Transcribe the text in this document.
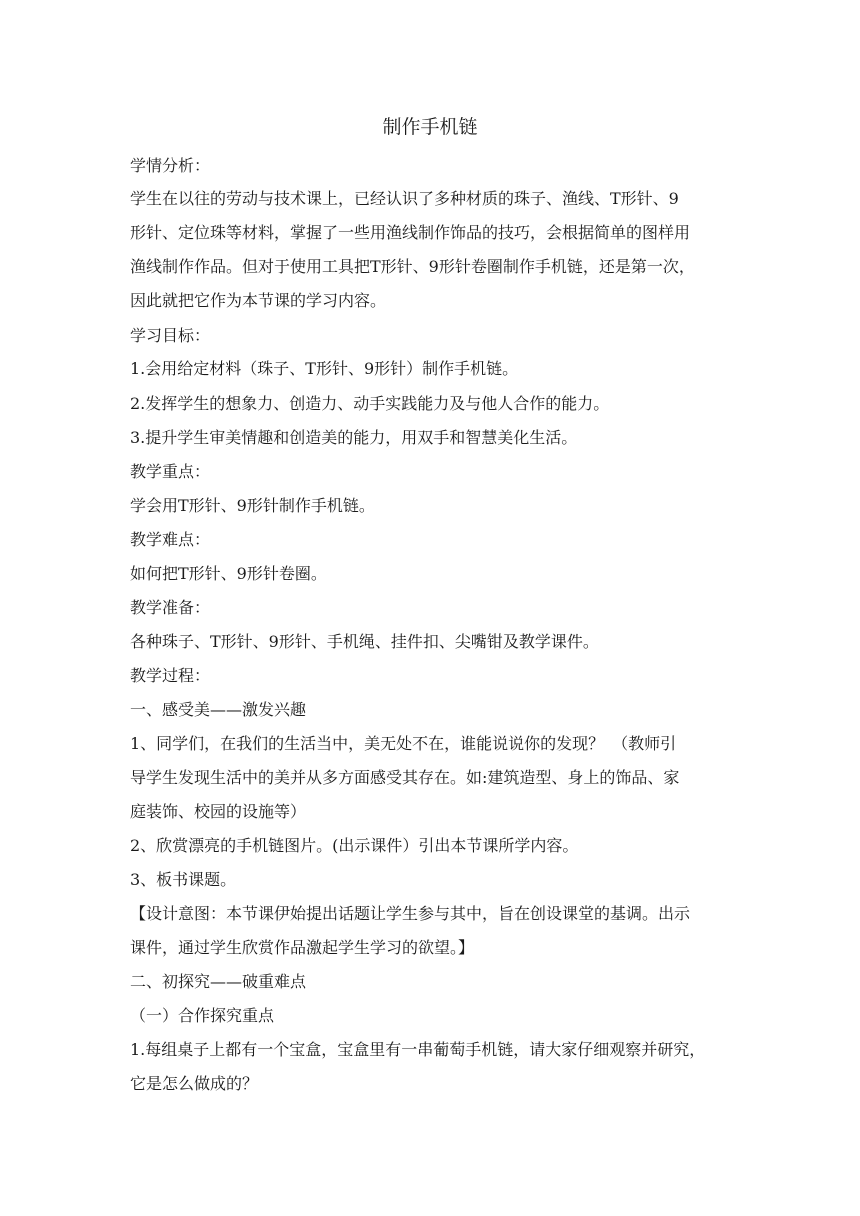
制作手机链
学情分析：
学生在以往的劳动与技术课上，已经认识了多种材质的珠子、渔线、T形针、9
形针、定位珠等材料，掌握了一些用渔线制作饰品的技巧，会根据简单的图样用
渔线制作作品。但对于使用工具把T形针、9形针卷圈制作手机链，还是第一次，
因此就把它作为本节课的学习内容。
学习目标：
1.会用给定材料（珠子、T形针、9形针）制作手机链。
2.发挥学生的想象力、创造力、动手实践能力及与他人合作的能力。
3.提升学生审美情趣和创造美的能力，用双手和智慧美化生活。
教学重点：
学会用T形针、9形针制作手机链。
教学难点：
如何把T形针、9形针卷圈。
教学准备：
各种珠子、T形针、9形针、手机绳、挂件扣、尖嘴钳及教学课件。
教学过程：
一、感受美——激发兴趣
1、同学们，在我们的生活当中，美无处不在，谁能说说你的发现？　（教师引
导学生发现生活中的美并从多方面感受其存在。如:建筑造型、身上的饰品、家
庭装饰、校园的设施等）
2、欣赏漂亮的手机链图片。(出示课件）引出本节课所学内容。
3、板书课题。
【设计意图：本节课伊始提出话题让学生参与其中，旨在创设课堂的基调。出示
课件，通过学生欣赏作品激起学生学习的欲望。】
二、初探究——破重难点
（一）合作探究重点
1.每组桌子上都有一个宝盒，宝盒里有一串葡萄手机链，请大家仔细观察并研究，
它是怎么做成的？
